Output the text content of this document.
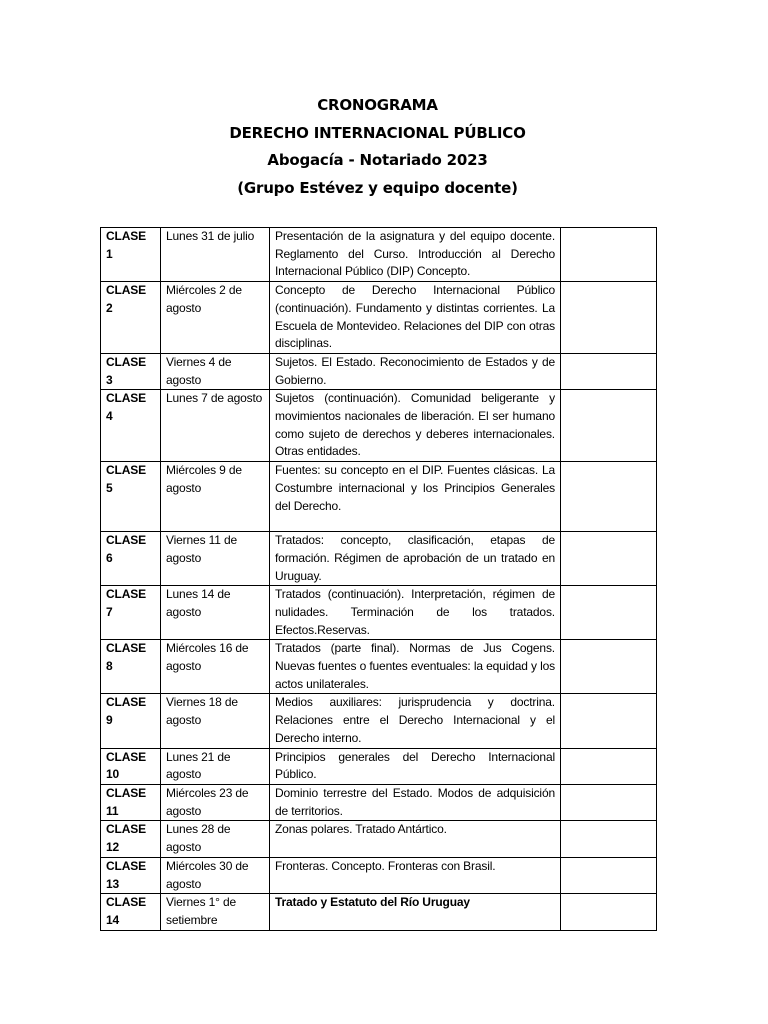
CRONOGRAMA
DERECHO INTERNACIONAL PÚBLICO
Abogacía - Notariado 2023
(Grupo Estévez y equipo docente)
CLASE 1	Lunes 31 de julio	Presentación de la asignatura y del equipo docente. Reglamento del Curso. Introducción al Derecho Internacional Público (DIP) Concepto.	
CLASE 2	Miércoles 2 de agosto	Concepto de Derecho Internacional Público (continuación). Fundamento y distintas corrientes. La Escuela de Montevideo. Relaciones del DIP con otras disciplinas.	
CLASE 3	Viernes 4 de agosto	Sujetos. El Estado. Reconocimiento de Estados y de Gobierno.	
CLASE 4	Lunes 7 de agosto	Sujetos (continuación). Comunidad beligerante y movimientos nacionales de liberación. El ser humano como sujeto de derechos y deberes internacionales. Otras entidades.	
CLASE 5	Miércoles 9 de agosto	Fuentes: su concepto en el DIP. Fuentes clásicas. La Costumbre internacional y los Principios Generales del Derecho.	
CLASE 6	Viernes 11 de agosto	Tratados: concepto, clasificación, etapas de formación. Régimen de aprobación de un tratado en Uruguay.	
CLASE 7	Lunes 14 de agosto	Tratados (continuación). Interpretación, régimen de nulidades. Terminación de los tratados. Efectos.Reservas.	
CLASE 8	Miércoles 16 de agosto	Tratados (parte final). Normas de Jus Cogens. Nuevas fuentes o fuentes eventuales: la equidad y los actos unilaterales.	
CLASE 9	Viernes 18 de agosto	Medios auxiliares: jurisprudencia y doctrina. Relaciones entre el Derecho Internacional y el Derecho interno.	
CLASE 10	Lunes 21 de agosto	Principios generales del Derecho Internacional Público.	
CLASE 11	Miércoles 23 de agosto	Dominio terrestre del Estado. Modos de adquisición de territorios.	
CLASE 12	Lunes 28 de agosto	Zonas polares. Tratado Antártico.	
CLASE 13	Miércoles 30 de agosto	Fronteras. Concepto. Fronteras con Brasil.	
CLASE 14	Viernes 1° de setiembre	Tratado y Estatuto del Río Uruguay	
